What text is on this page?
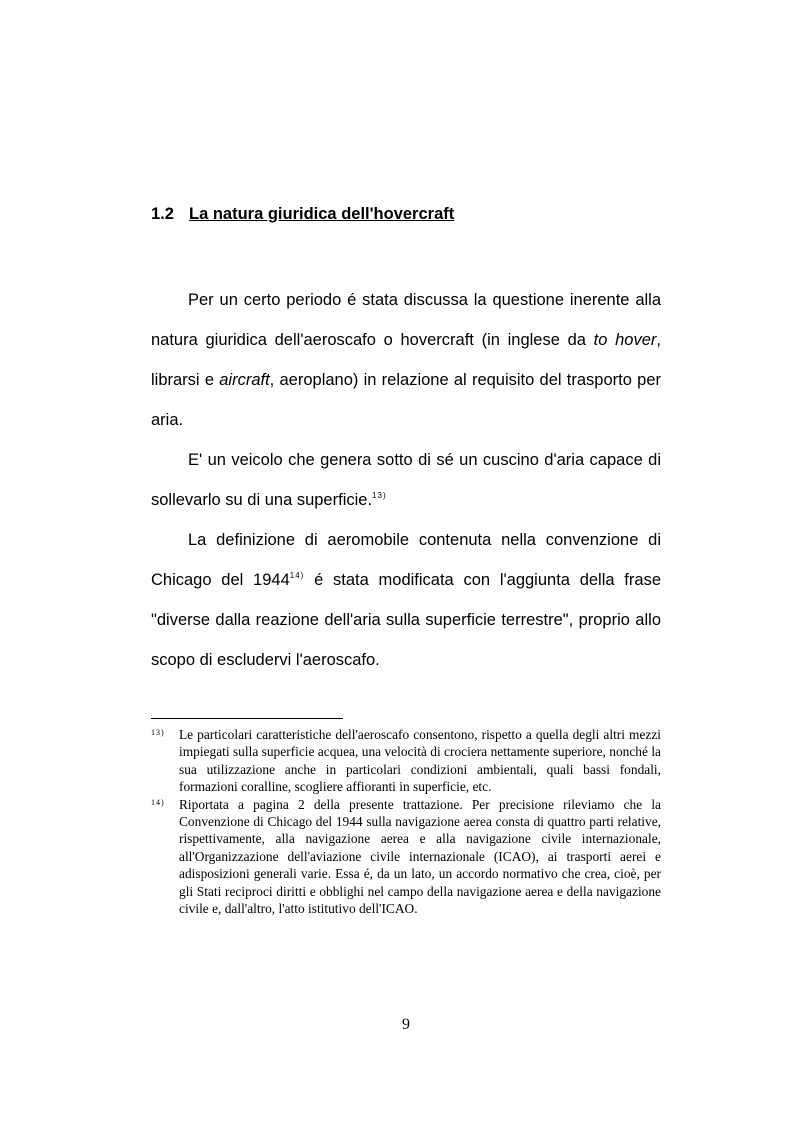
1.2 La natura giuridica dell'hovercraft

Per un certo periodo é stata discussa la questione inerente alla natura giuridica dell'aeroscafo o hovercraft (in inglese da to hover, librarsi e aircraft, aeroplano) in relazione al requisito del trasporto per aria.

E' un veicolo che genera sotto di sé un cuscino d'aria capace di sollevarlo su di una superficie.$^{13)}$

La definizione di aeromobile contenuta nella convenzione di Chicago del 1944$^{14)}$ é stata modificata con l'aggiunta della frase "diverse dalla reazione dell'aria sulla superficie terrestre", proprio allo scopo di escludervi l'aeroscafo.

13)	Le particolari caratteristiche dell'aeroscafo consentono, rispetto a quella degli altri mezzi impiegati sulla superficie acquea, una velocità di crociera nettamente superiore, nonché la sua utilizzazione anche in particolari condizioni ambientali, quali bassi fondali, formazioni coralline, scogliere affioranti in superficie, etc.
14)	Riportata a pagina 2 della presente trattazione. Per precisione rileviamo che la Convenzione di Chicago del 1944 sulla navigazione aerea consta di quattro parti relative, rispettivamente, alla navigazione aerea e alla navigazione civile internazionale, all'Organizzazione dell'aviazione civile internazionale (ICAO), ai trasporti aerei e adisposizioni generali varie. Essa é, da un lato, un accordo normativo che crea, cioè, per gli Stati reciproci diritti e obblighi nel campo della navigazione aerea e della navigazione civile e, dall'altro, l'atto istitutivo dell'ICAO.
9
